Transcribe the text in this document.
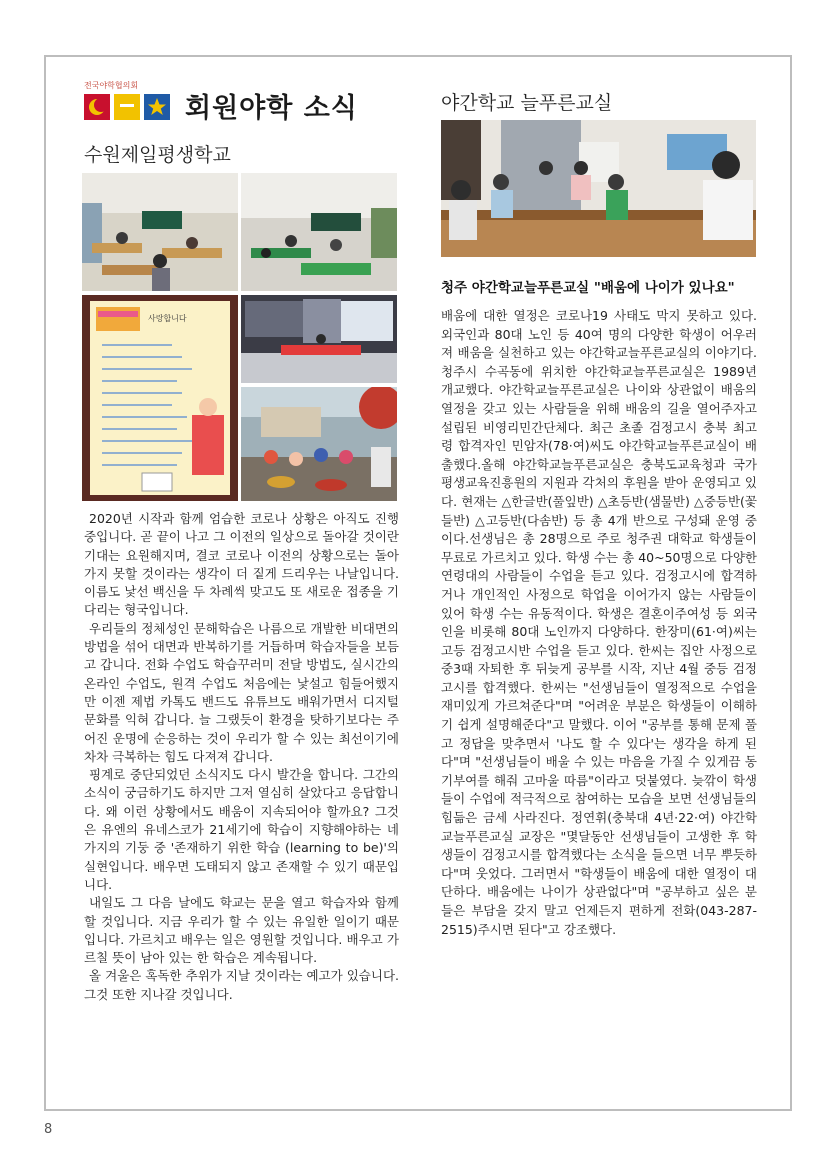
전국야학협의회
회원야학 소식
수원제일평생학교
야간학교 늘푸른교실
사랑합니다
청주 야간학교늘푸른교실 "배움에 나이가 있나요"

2020년 시작과 함께 엄습한 코로나 상황은 아직도 진행 중입니다. 곧 끝이 나고 그 이전의 일상으로 돌아갈 것이란 기대는 요원해지며, 결코 코로나 이전의 상황으로는 돌아가지 못할 것이라는 생각이 더 짙게 드리우는 나날입니다. 이름도 낯선 백신을 두 차례씩 맞고도 또 새로운 접종을 기다리는 형국입니다.

우리들의 정체성인 문해학습은 나름으로 개발한 비대면의 방법을 섞어 대면과 반복하기를 거듭하며 학습자들을 보듬고 갑니다. 전화 수업도 학습꾸러미 전달 방법도, 실시간의 온라인 수업도, 원격 수업도 처음에는 낯설고 힘들어했지만 이젠 제법 카톡도 밴드도 유튜브도 배워가면서 디지털 문화를 익혀 갑니다. 늘 그랬듯이 환경을 탓하기보다는 주어진 운명에 순응하는 것이 우리가 할 수 있는 최선이기에 차차 극복하는 힘도 다져져 갑니다.

핑계로 중단되었던 소식지도 다시 발간을 합니다. 그간의 소식이 궁금하기도 하지만 그저 열심히 살았다고 응답합니다. 왜 이런 상황에서도 배움이 지속되어야 할까요? 그것은 유엔의 유네스코가 21세기에 학습이 지향해야하는 네 가지의 기둥 중 '존재하기 위한 학습 (learning to be)'의 실현입니다. 배우면 도태되지 않고 존재할 수 있기 때문입니다.

내일도 그 다음 날에도 학교는 문을 열고 학습자와 함께 할 것입니다. 지금 우리가 할 수 있는 유일한 일이기 때문입니다. 가르치고 배우는 일은 영원할 것입니다. 배우고 가르칠 뜻이 남아 있는 한 학습은 계속됩니다.

올 겨울은 혹독한 추위가 지날 것이라는 예고가 있습니다. 그것 또한 지나갈 것입니다.

배움에 대한 열정은 코로나19 사태도 막지 못하고 있다. 외국인과 80대 노인 등 40여 명의 다양한 학생이 어우러져 배움을 실천하고 있는 야간학교늘푸른교실의 이야기다. 청주시 수곡동에 위치한 야간학교늘푸른교실은 1989년 개교했다. 야간학교늘푸른교실은 나이와 상관없이 배움의 열정을 갖고 있는 사람들을 위해 배움의 길을 열어주자고 설립된 비영리민간단체다. 최근 초졸 검정고시 충북 최고령 합격자인 민암자(78·여)씨도 야간학교늘푸른교실이 배출했다.올해 야간학교늘푸른교실은 충북도교육청과 국가평생교육진흥원의 지원과 각처의 후원을 받아 운영되고 있다. 현재는 △한글반(풀잎반) △초등반(샘물반) △중등반(꽃들반) △고등반(다솜반) 등 총 4개 반으로 구성돼 운영 중이다.선생님은 총 28명으로 주로 청주권 대학교 학생들이 무료로 가르치고 있다. 학생 수는 총 40~50명으로 다양한 연령대의 사람들이 수업을 듣고 있다. 검정고시에 합격하거나 개인적인 사정으로 학업을 이어가지 않는 사람들이 있어 학생 수는 유동적이다. 학생은 결혼이주여성 등 외국인을 비롯해 80대 노인까지 다양하다. 한장미(61·여)씨는 고등 검정고시반 수업을 듣고 있다. 한씨는 집안 사정으로 중3때 자퇴한 후 뒤늦게 공부를 시작, 지난 4월 중등 검정고시를 합격했다. 한씨는 "선생님들이 열정적으로 수업을 재미있게 가르쳐준다"며 "어려운 부분은 학생들이 이해하기 쉽게 설명해준다"고 말했다. 이어 "공부를 통해 문제 풀고 정답을 맞추면서 '나도 할 수 있다'는 생각을 하게 된다"며 "선생님들이 배울 수 있는 마음을 가질 수 있게끔 동기부여를 해줘 고마울 따름"이라고 덧붙였다. 늦깎이 학생들이 수업에 적극적으로 참여하는 모습을 보면 선생님들의 힘듦은 금세 사라진다. 정연휘(충북대 4년·22·여) 야간학교늘푸른교실 교장은 "몇달동안 선생님들이 고생한 후 학생들이 검정고시를 합격했다는 소식을 들으면 너무 뿌듯하다"며 웃었다. 그러면서 "학생들이 배움에 대한 열정이 대단하다. 배움에는 나이가 상관없다"며 "공부하고 싶은 분들은 부담을 갖지 말고 언제든지 편하게 전화(043-287-2515)주시면 된다"고 강조했다.

8
